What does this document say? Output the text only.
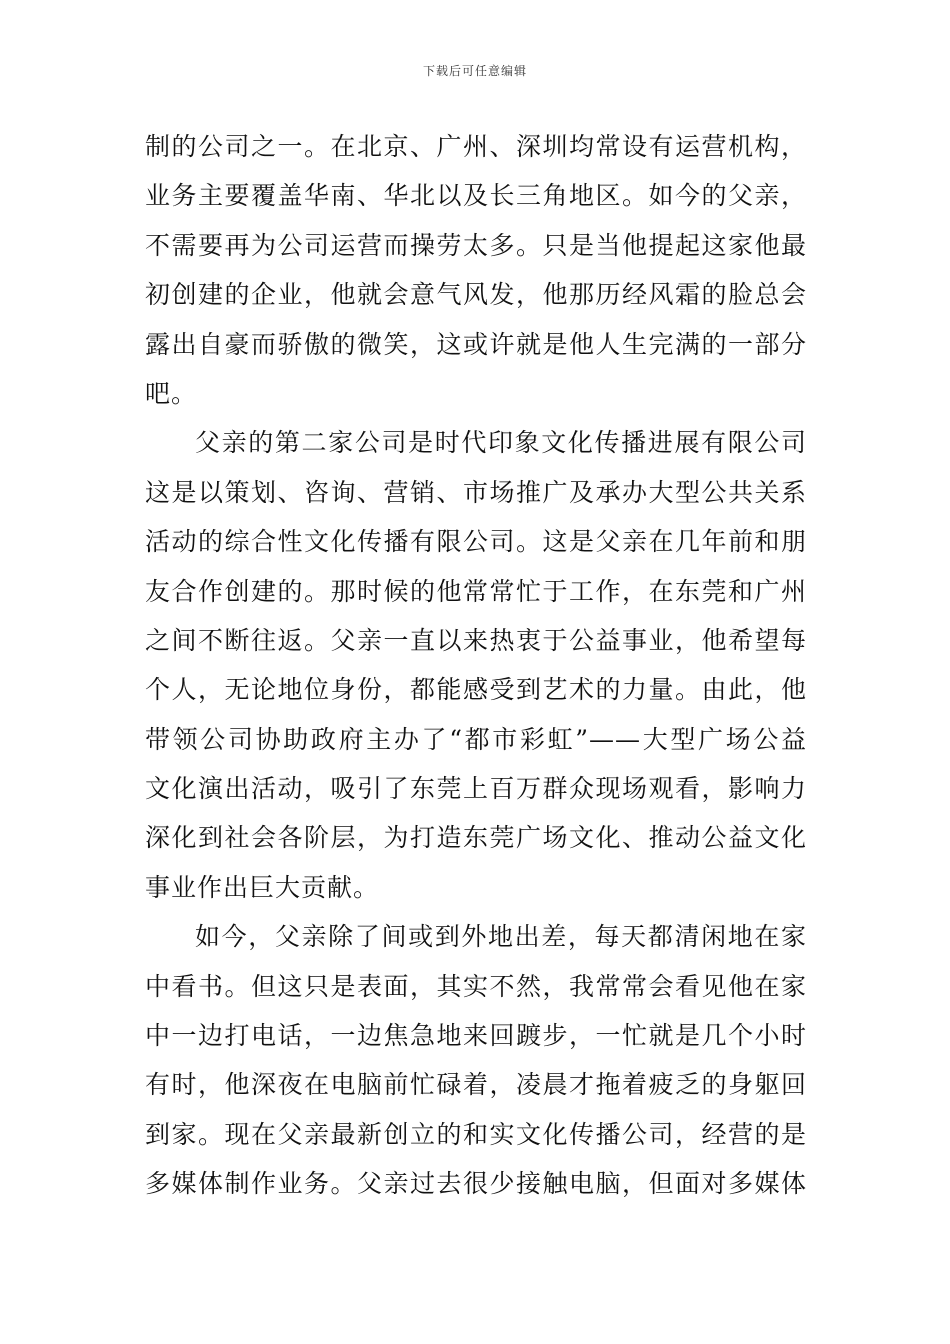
下载后可任意编辑
制的公司之一。在北京、广州、深圳均常设有运营机构，
业务主要覆盖华南、华北以及长三角地区。如今的父亲，
不需要再为公司运营而操劳太多。只是当他提起这家他最
初创建的企业，他就会意气风发，他那历经风霜的脸总会
露出自豪而骄傲的微笑，这或许就是他人生完满的一部分
吧。
父亲的第二家公司是时代印象文化传播进展有限公司
这是以策划、咨询、营销、市场推广及承办大型公共关系
活动的综合性文化传播有限公司。这是父亲在几年前和朋
友合作创建的。那时候的他常常忙于工作，在东莞和广州
之间不断往返。父亲一直以来热衷于公益事业，他希望每
个人，无论地位身份，都能感受到艺术的力量。由此，他
带领公司协助政府主办了“都市彩虹”——大型广场公益
文化演出活动，吸引了东莞上百万群众现场观看，影响力
深化到社会各阶层，为打造东莞广场文化、推动公益文化
事业作出巨大贡献。
如今，父亲除了间或到外地出差，每天都清闲地在家
中看书。但这只是表面，其实不然，我常常会看见他在家
中一边打电话，一边焦急地来回踱步，一忙就是几个小时
有时，他深夜在电脑前忙碌着，凌晨才拖着疲乏的身躯回
到家。现在父亲最新创立的和实文化传播公司，经营的是
多媒体制作业务。父亲过去很少接触电脑，但面对多媒体
